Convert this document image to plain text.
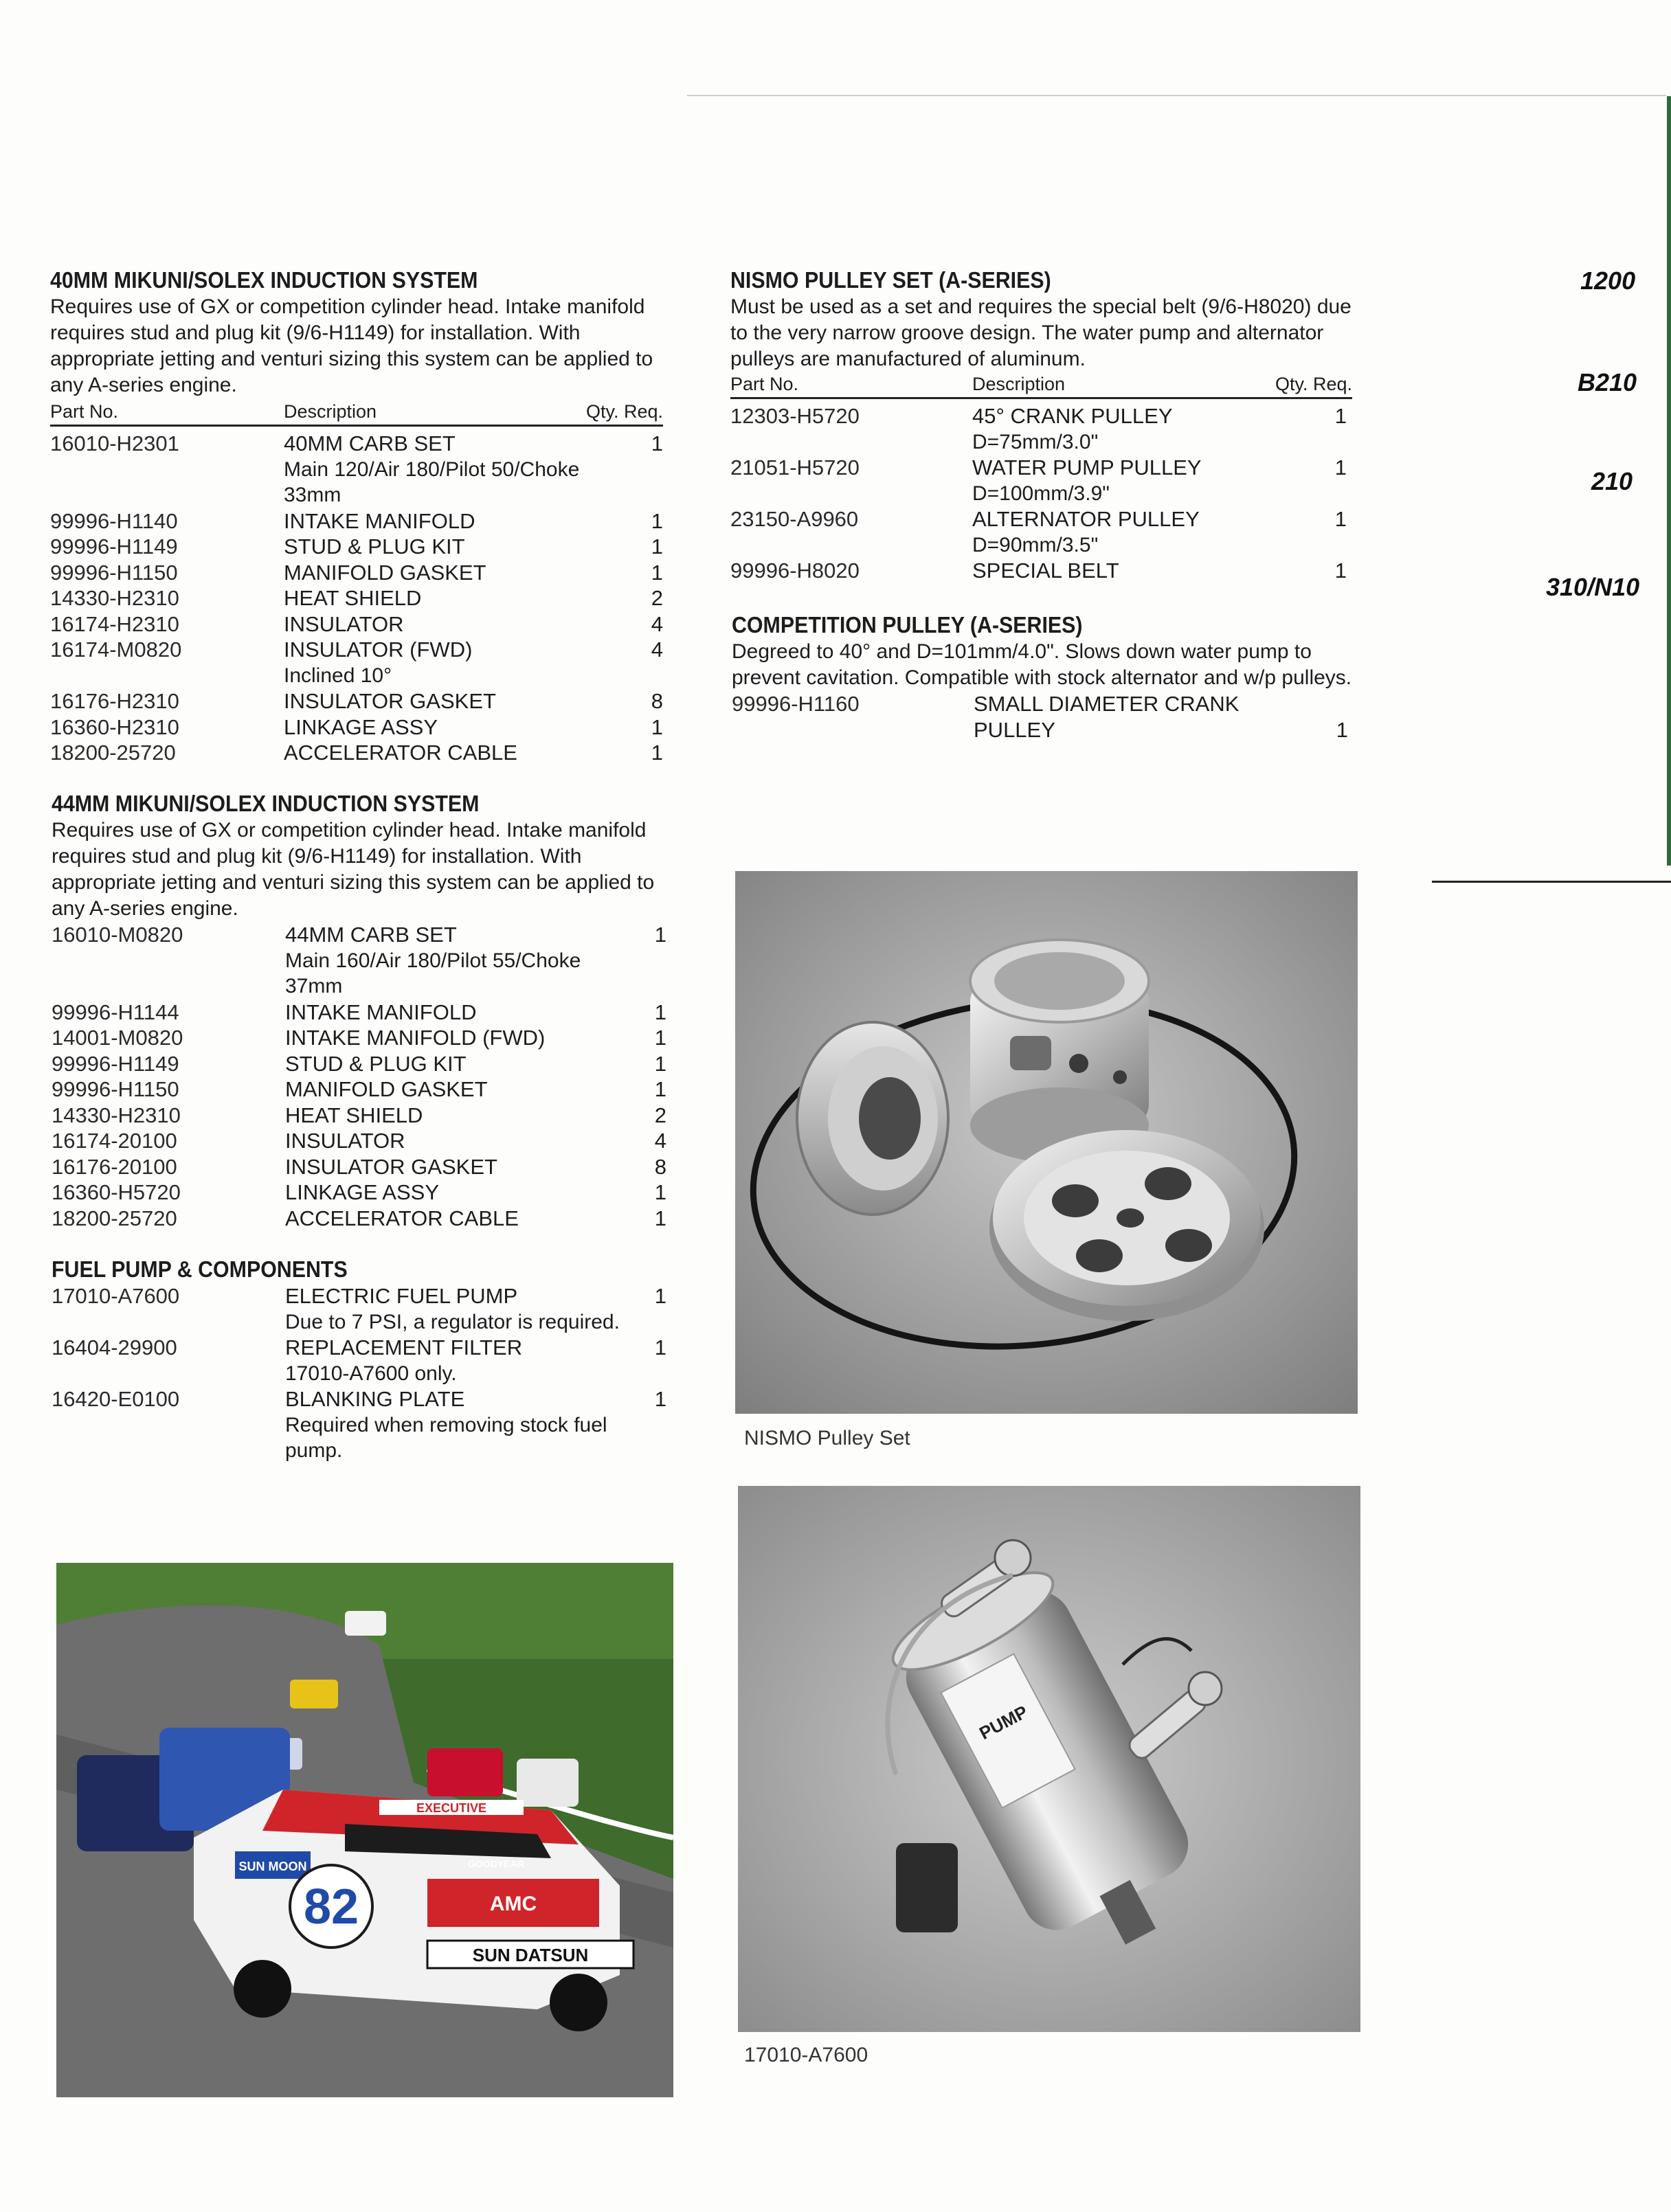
1200
B210
210
310/N10
40MM MIKUNI/SOLEX INDUCTION SYSTEM

Requires use of GX or competition cylinder head. Intake manifold requires stud and plug kit (9/6-H1149) for installation. With appropriate jetting and venturi sizing this system can be applied to any A-series engine.

Part No.	Description	Qty. Req.
16010-H2301	40MM CARB SET	1
Main 120/Air 180/Pilot 50/Choke 33mm
99996-H1140	INTAKE MANIFOLD	1
99996-H1149	STUD & PLUG KIT	1
99996-H1150	MANIFOLD GASKET	1
14330-H2310	HEAT SHIELD	2
16174-H2310	INSULATOR	4
16174-M0820	INSULATOR (FWD)	4
Inclined 10°
16176-H2310	INSULATOR GASKET	8
16360-H2310	LINKAGE ASSY	1
18200-25720	ACCELERATOR CABLE	1
44MM MIKUNI/SOLEX INDUCTION SYSTEM

Requires use of GX or competition cylinder head. Intake manifold requires stud and plug kit (9/6-H1149) for installation. With appropriate jetting and venturi sizing this system can be applied to any A-series engine.

16010-M0820	44MM CARB SET	1
Main 160/Air 180/Pilot 55/Choke 37mm
99996-H1144	INTAKE MANIFOLD	1
14001-M0820	INTAKE MANIFOLD (FWD)	1
99996-H1149	STUD & PLUG KIT	1
99996-H1150	MANIFOLD GASKET	1
14330-H2310	HEAT SHIELD	2
16174-20100	INSULATOR	4
16176-20100	INSULATOR GASKET	8
16360-H5720	LINKAGE ASSY	1
18200-25720	ACCELERATOR CABLE	1
FUEL PUMP & COMPONENTS
17010-A7600	ELECTRIC FUEL PUMP	1
Due to 7 PSI, a regulator is required.
16404-29900	REPLACEMENT FILTER	1
17010-A7600 only.
16420-E0100	BLANKING PLATE	1
Required when removing stock fuel pump.
NISMO PULLEY SET (A-SERIES)

Must be used as a set and requires the special belt (9/6-H8020) due to the very narrow groove design. The water pump and alternator pulleys are manufactured of aluminum.

Part No.	Description	Qty. Req.
12303-H5720	45° CRANK PULLEY	1
D=75mm/3.0"
21051-H5720	WATER PUMP PULLEY	1
D=100mm/3.9"
23150-A9960	ALTERNATOR PULLEY	1
D=90mm/3.5"
99996-H8020	SPECIAL BELT	1
COMPETITION PULLEY (A-SERIES)

Degreed to 40° and D=101mm/4.0". Slows down water pump to prevent cavitation. Compatible with stock alternator and w/p pulleys.

99996-H1160	SMALL DIAMETER CRANK
PULLEY	1
NISMO Pulley Set
PUMP
17010-A7600
EXECUTIVE
SUN MOON
82	AMC
SUN DATSUN
GOODYEAR
